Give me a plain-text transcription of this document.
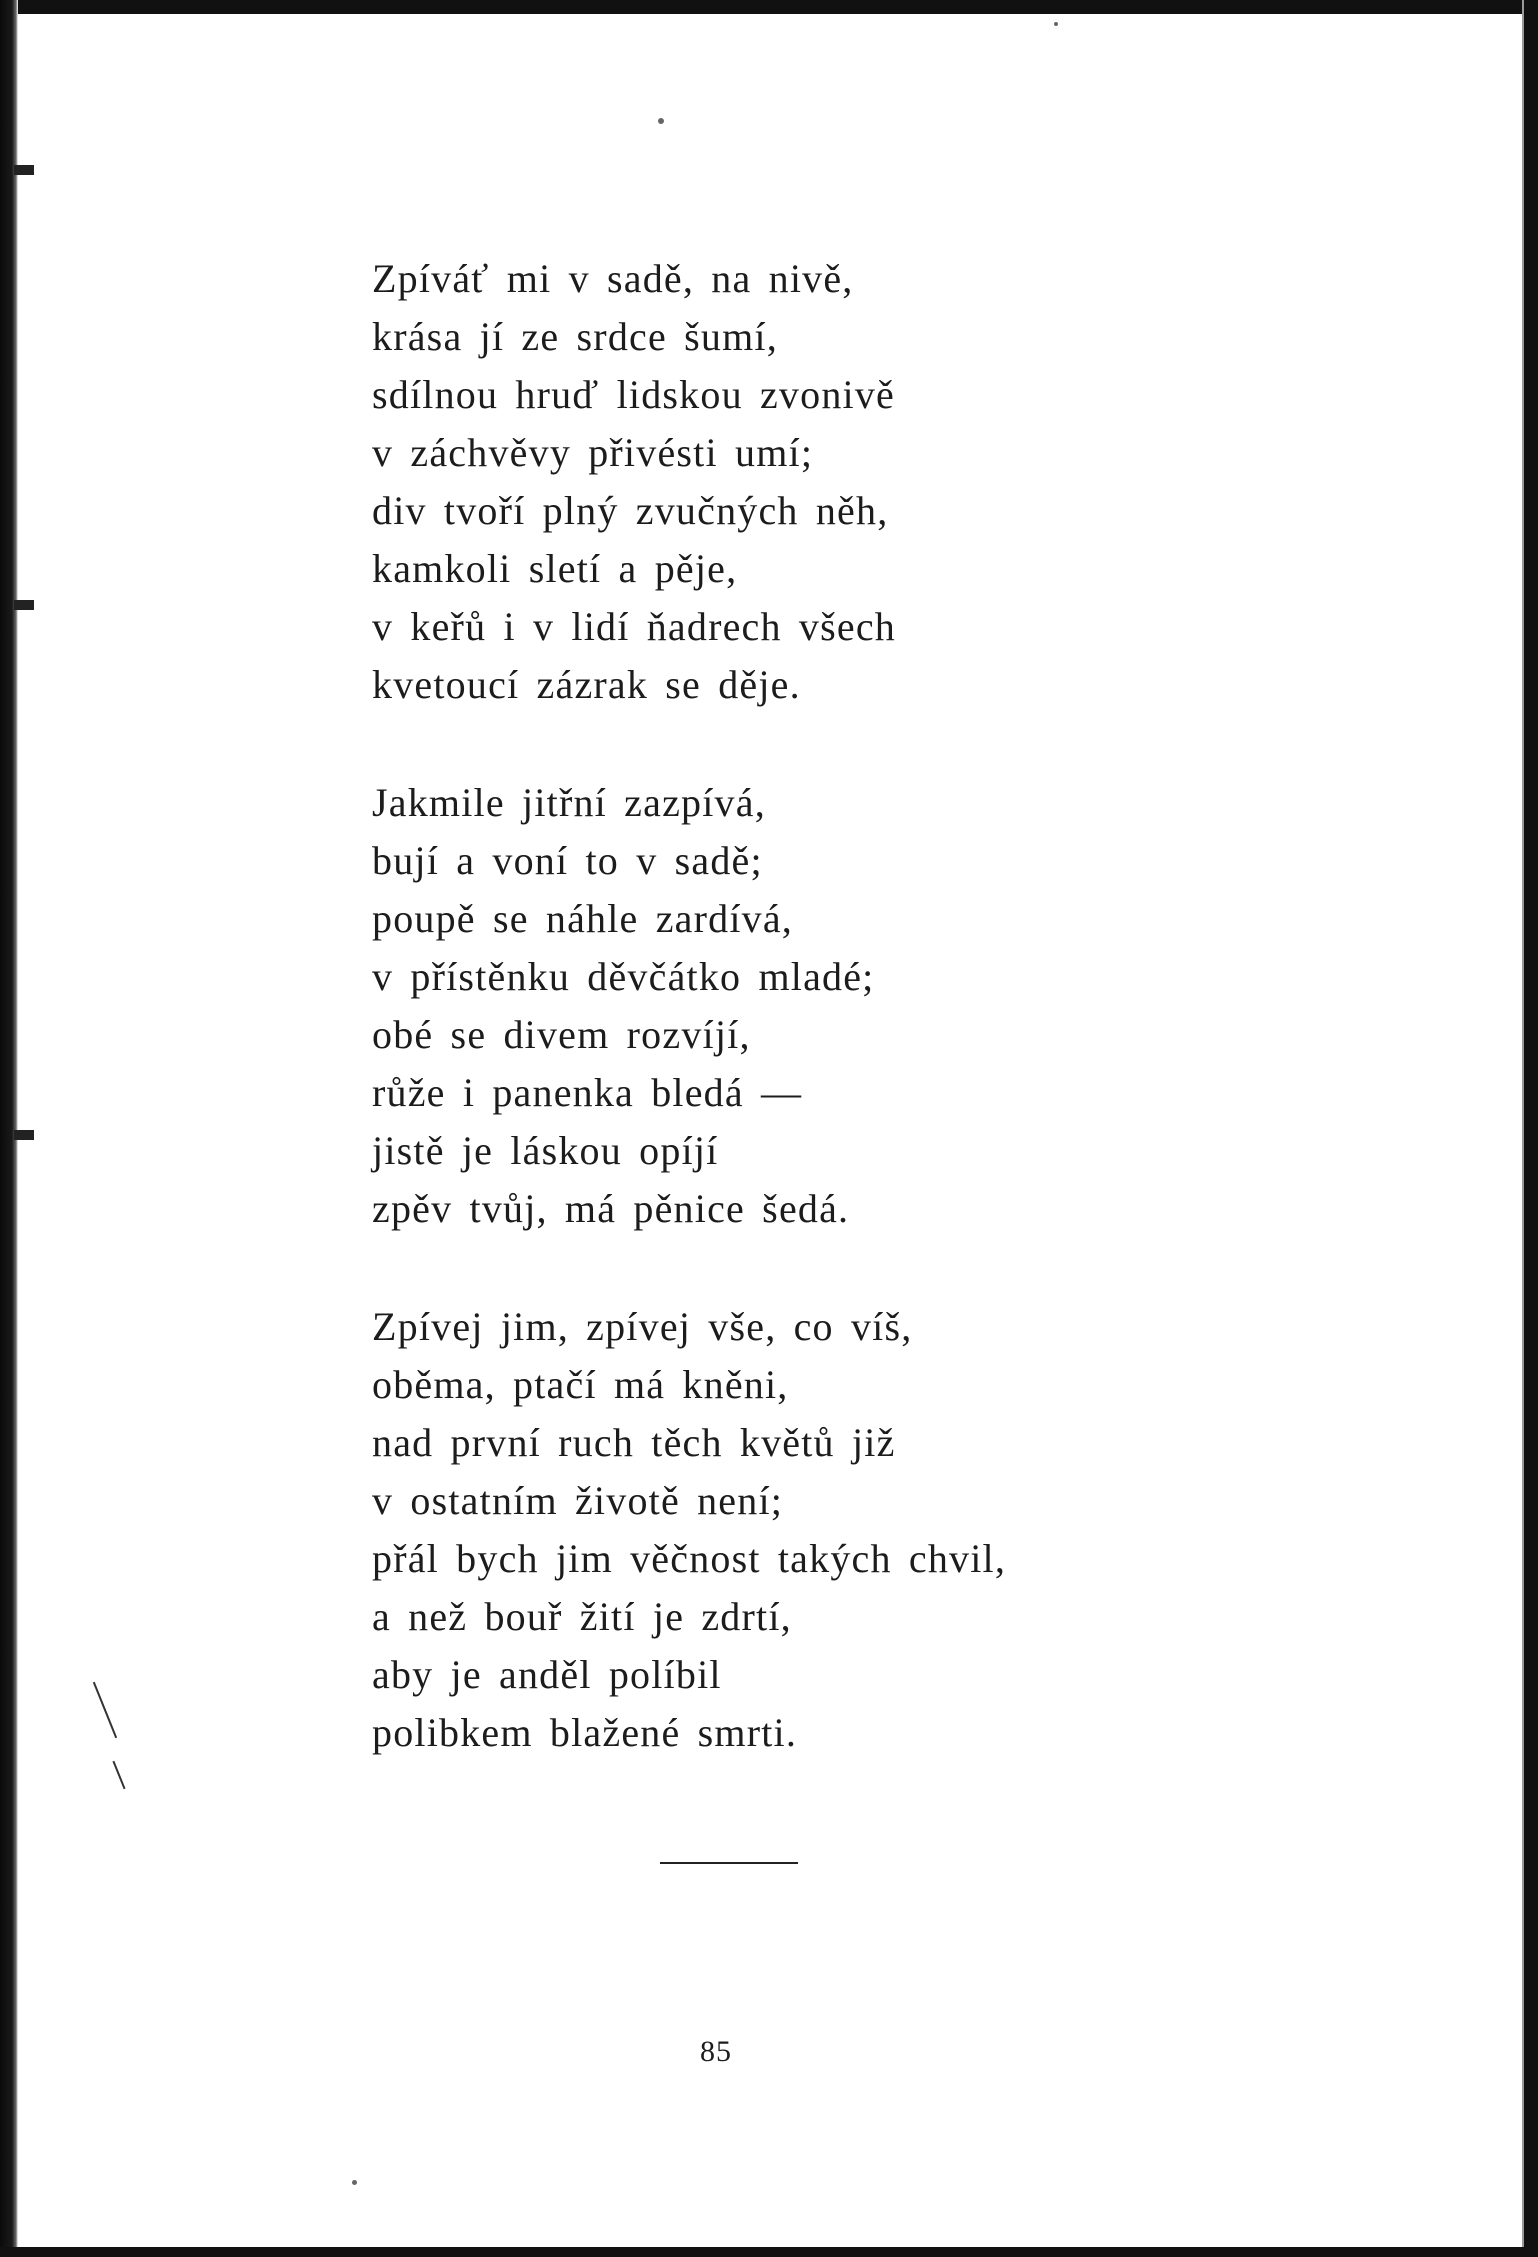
Zpíváť mi v sadě, na nivě,
krása jí ze srdce šumí,
sdílnou hruď lidskou zvonivě
v záchvěvy přivésti umí;
div tvoří plný zvučných něh,
kamkoli sletí a pěje,
v keřů i v lidí ňadrech všech
kvetoucí zázrak se děje.
Jakmile jitřní zazpívá,
bují a voní to v sadě;
poupě se náhle zardívá,
v přístěnku děvčátko mladé;
obé se divem rozvíjí,
růže i panenka bledá —
jistě je láskou opíjí
zpěv tvůj, má pěnice šedá.
Zpívej jim, zpívej vše, co víš,
oběma, ptačí má kněni,
nad první ruch těch květů již
v ostatním životě není;
přál bych jim věčnost takých chvil,
a než bouř žití je zdrtí,
aby je anděl políbil
polibkem blažené smrti.
85
